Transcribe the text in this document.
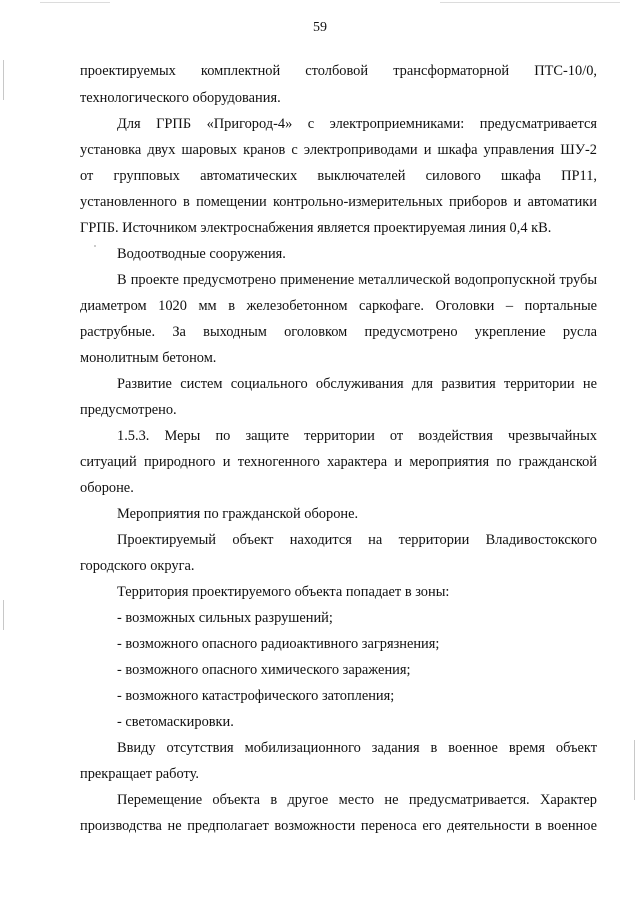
59
проектируемых комплектной столбовой трансформаторной ПТС-10/0,
технологического оборудования.
Для ГРПБ «Пригород-4» с электроприемниками: предусматривается
установка двух шаровых кранов с электроприводами и шкафа управления ШУ-2
от групповых автоматических выключателей силового шкафа ПР11,
установленного в помещении контрольно-измерительных приборов и автоматики
ГРПБ. Источником электроснабжения является проектируемая линия 0,4 кВ.
Водоотводные сооружения.
В проекте предусмотрено применение металлической водопропускной трубы
диаметром 1020 мм в железобетонном саркофаге. Оголовки – портальные
раструбные. За выходным оголовком предусмотрено укрепление русла
монолитным бетоном.
Развитие систем социального обслуживания для развития территории не
предусмотрено.
1.5.3. Меры по защите территории от воздействия чрезвычайных
ситуаций природного и техногенного характера и мероприятия по гражданской
обороне.
Мероприятия по гражданской обороне.
Проектируемый объект находится на территории Владивостокского
городского округа.
Территория проектируемого объекта попадает в зоны:
- возможных сильных разрушений;
- возможного опасного радиоактивного загрязнения;
- возможного опасного химического заражения;
- возможного катастрофического затопления;
- светомаскировки.
Ввиду отсутствия мобилизационного задания в военное время объект
прекращает работу.
Перемещение объекта в другое место не предусматривается. Характер
производства не предполагает возможности переноса его деятельности в военное
